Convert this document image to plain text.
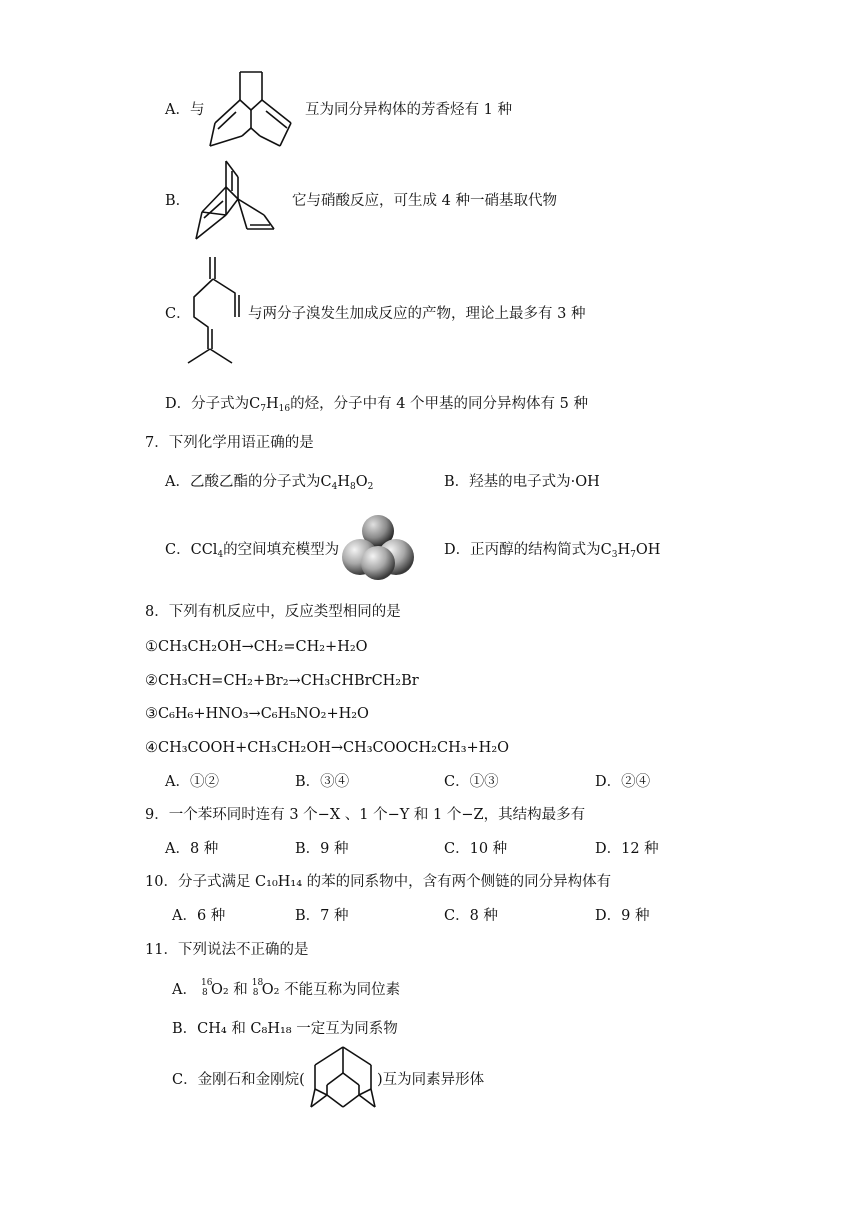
A．与	互为同分异构体的芳香烃有 1 种
B．	它与硝酸反应，可生成 4 种一硝基取代物
C．	与两分子溴发生加成反应的产物，理论上最多有 3 种
D．分子式为$C_7H_{16}$的烃，分子中有 4 个甲基的同分异构体有 5 种
7．下列化学用语正确的是
A．乙酸乙酯的分子式为$C_4H_8O_2$	B．羟基的电子式为·OH
C．CCl$_4$的空间填充模型为	D．正丙醇的结构简式为$C_3H_7OH$
8．下列有机反应中，反应类型相同的是
①CH₃CH₂OH→CH₂=CH₂+H₂O
②CH₃CH=CH₂+Br₂→CH₃CHBrCH₂Br
③C₆H₆+HNO₃→C₆H₅NO₂+H₂O
④CH₃COOH+CH₃CH₂OH→CH₃COOCH₂CH₃+H₂O
A．①②	B．③④	C．①③	D．②④
9．一个苯环同时连有 3 个−X 、1 个−Y 和 1 个−Z，其结构最多有
A．8 种	B．9 种	C．10 种	D．12 种
10．分子式满足 C₁₀H₁₄ 的苯的同系物中，含有两个侧链的同分异构体有
A．6 种	B．7 种	C．8 种	D．9 种
11．下列说法不正确的是
A． 16
8 O₂ 和 18
8 O₂ 不能互称为同位素
B．CH₄ 和 C₈H₁₈ 一定互为同系物
C．金刚石和金刚烷(	)互为同素异形体
